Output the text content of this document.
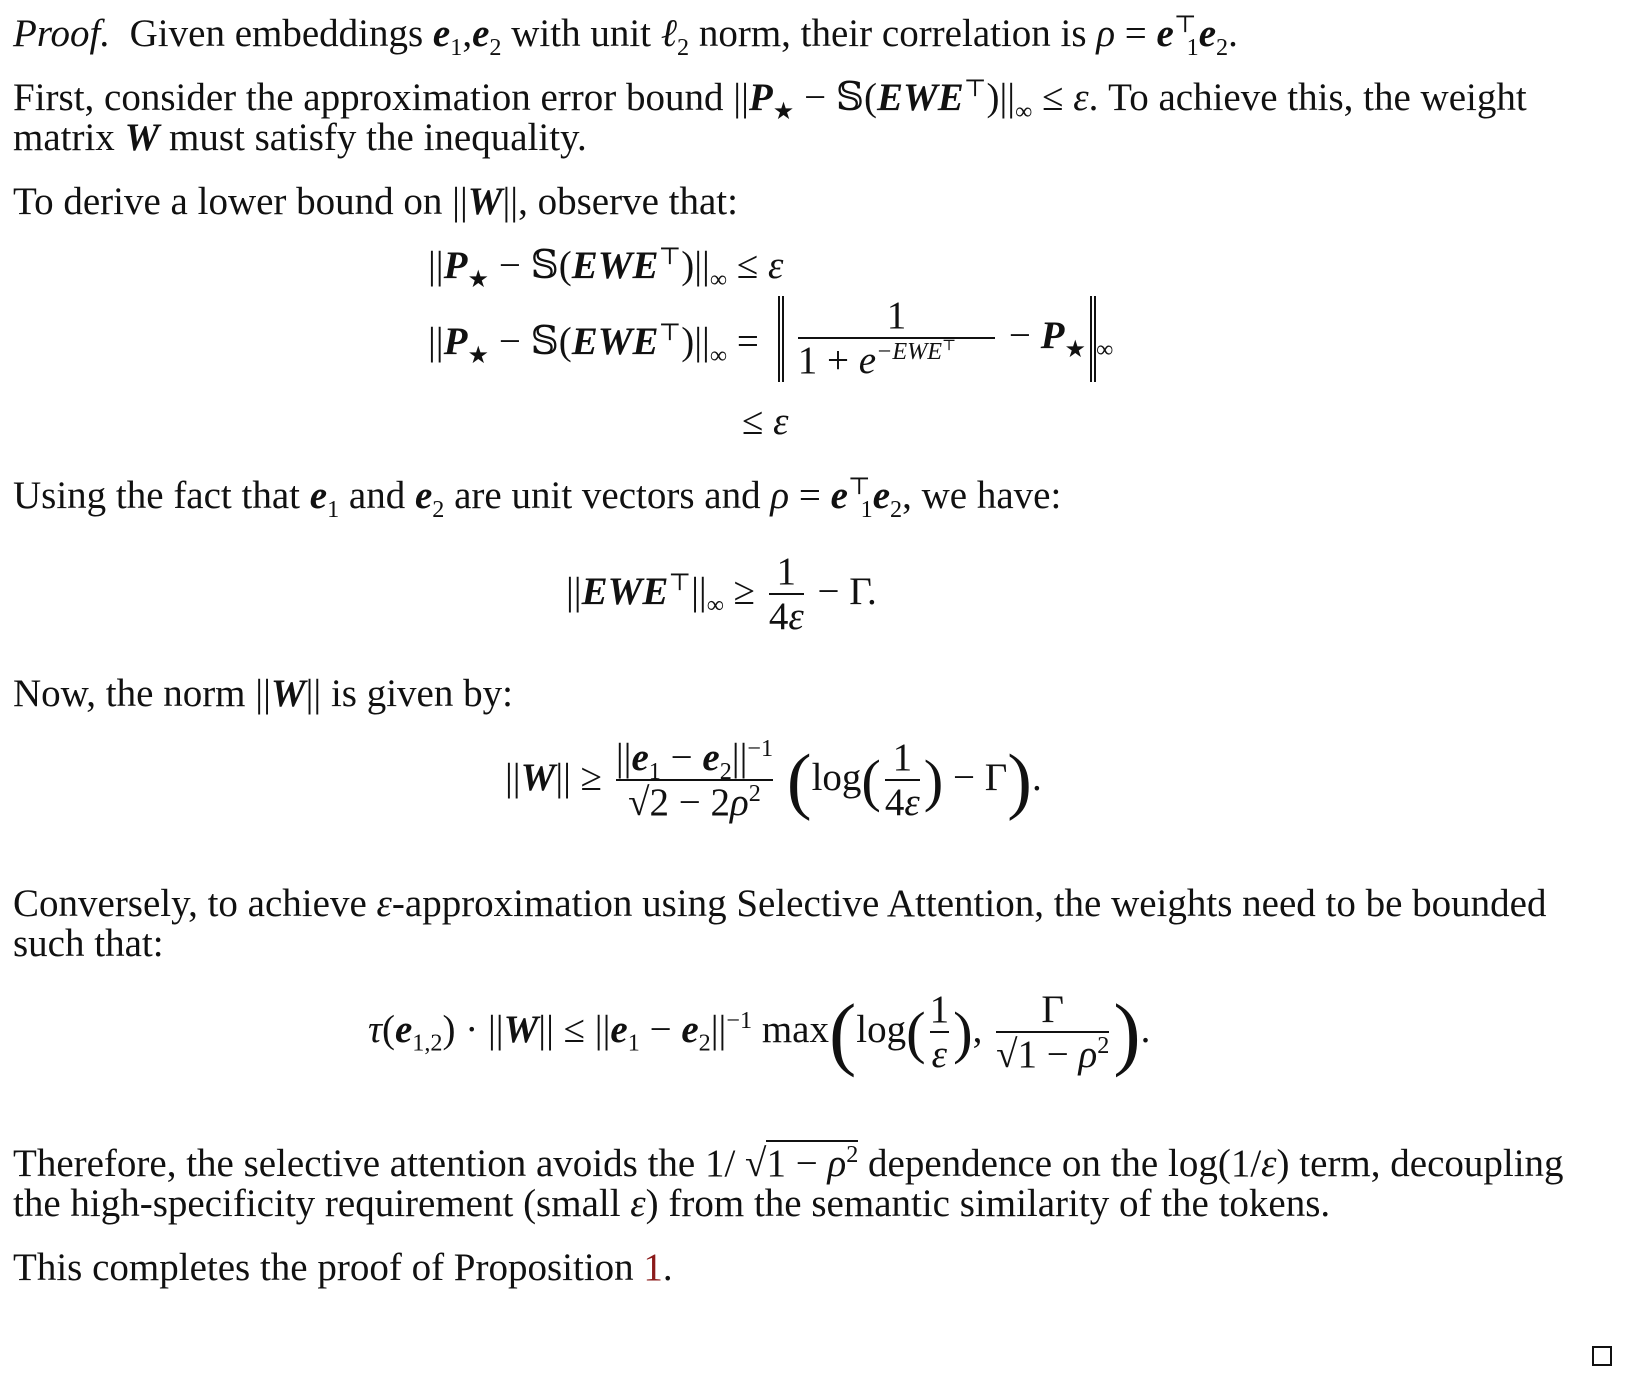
Proof. Given embeddings $e_1,e_2$ with unit ℓ$_2$ norm, their correlation is $\rho = e^⊤_1e_2$.
First, consider the approximation error bound $||P_★$ − $𝕊(EWE^⊤)||_\infty \le \varepsilon$. To achieve this, the weight
matrix W must satisfy the inequality.
To derive a lower bound on ||W||, observe that:
$||P_★$ − $𝕊(EWE^⊤)||_\infty \le \varepsilon$
$||P_★$ − $𝕊(EWE^⊤)||_\infty$ =
$\frac{1}{1 + e^{-EWE^⊤}} - P_★$ $_\infty$
≤ ε
Using the fact that $e_1$ and $e_2$ are unit vectors and $\rho = e^⊤_1e_2$, we have:
$||EWE^⊤||_\infty \ge \frac{1}{4\varepsilon} - \Gamma$.
Now, the norm ||W|| is given by:
$||W|| \ge \frac{||e_1 - e_2||^{-1}}{√2 - 2\rho^2} (\log( \frac{1}{4\varepsilon}$ ) − Γ).
Conversely, to achieve ε-approximation using Selective Attention, the weights need to be bounded
such that:
$\tau(e_{1,2}) \cdot ||W|| \le ||e_1 - e_2||^{-1}$ $\max(\log( \frac{1}{\varepsilon}$ ), $\frac{\Gamma}{√1 - \rho^2}$ ).
Therefore, the selective attention avoids the 1/ $√1 - \rho^2$ dependence on the log(1/ε) term, decoupling
the high-specificity requirement (small ε) from the semantic similarity of the tokens.
This completes the proof of Proposition 1.
